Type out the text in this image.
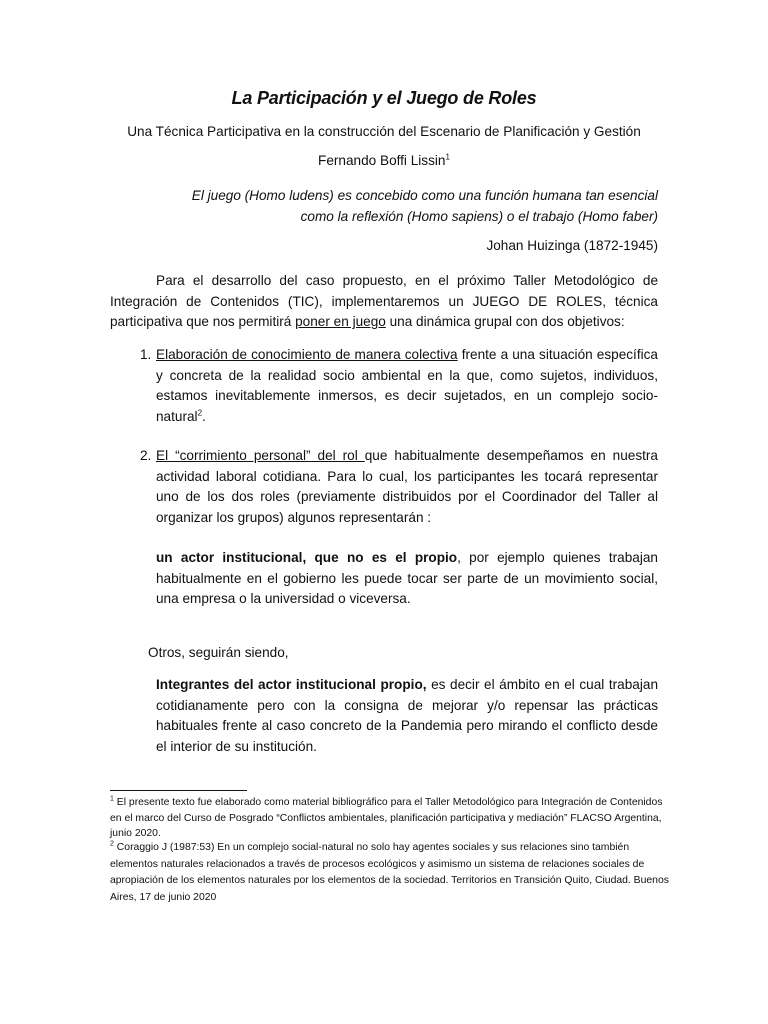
La Participación y el Juego de Roles
Una Técnica Participativa en la construcción del Escenario de Planificación y Gestión
Fernando Boffi Lissin$^1$
El juego (Homo ludens) es concebido como una función humana tan esencial
como la reflexión (Homo sapiens) o el trabajo (Homo faber)
Johan Huizinga (1872-1945)
Para el desarrollo del caso propuesto, en el próximo Taller Metodológico de Integración de Contenidos (TIC), implementaremos un JUEGO DE ROLES, técnica participativa que nos permitirá poner en juego una dinámica grupal con dos objetivos:
1. Elaboración de conocimiento de manera colectiva frente a una situación específica y concreta de la realidad socio ambiental en la que, como sujetos, individuos, estamos inevitablemente inmersos, es decir sujetados, en un complejo socio-natural$^2$.
2. El “corrimiento personal” del rol que habitualmente desempeñamos en nuestra actividad laboral cotidiana. Para lo cual, los participantes les tocará representar uno de los dos roles (previamente distribuidos por el Coordinador del Taller al organizar los grupos) algunos representarán :
un actor institucional, que no es el propio, por ejemplo quienes trabajan habitualmente en el gobierno les puede tocar ser parte de un movimiento social, una empresa o la universidad o viceversa.
Otros, seguirán siendo,
Integrantes del actor institucional propio, es decir el ámbito en el cual trabajan cotidianamente pero con la consigna de mejorar y/o repensar las prácticas habituales frente al caso concreto de la Pandemia pero mirando el conflicto desde el interior de su institución.
$^1$ El presente texto fue elaborado como material bibliográfico para el Taller Metodológico para Integración de Contenidos en el marco del Curso de Posgrado “Conflictos ambientales, planificación participativa y mediación” FLACSO Argentina, junio 2020.
$^2$ Coraggio J (1987:53) En un complejo social-natural no solo hay agentes sociales y sus relaciones sino también elementos naturales relacionados a través de procesos ecológicos y asimismo un sistema de relaciones sociales de apropiación de los elementos naturales por los elementos de la sociedad. Territorios en Transición Quito, Ciudad. Buenos Aires, 17 de junio 2020
